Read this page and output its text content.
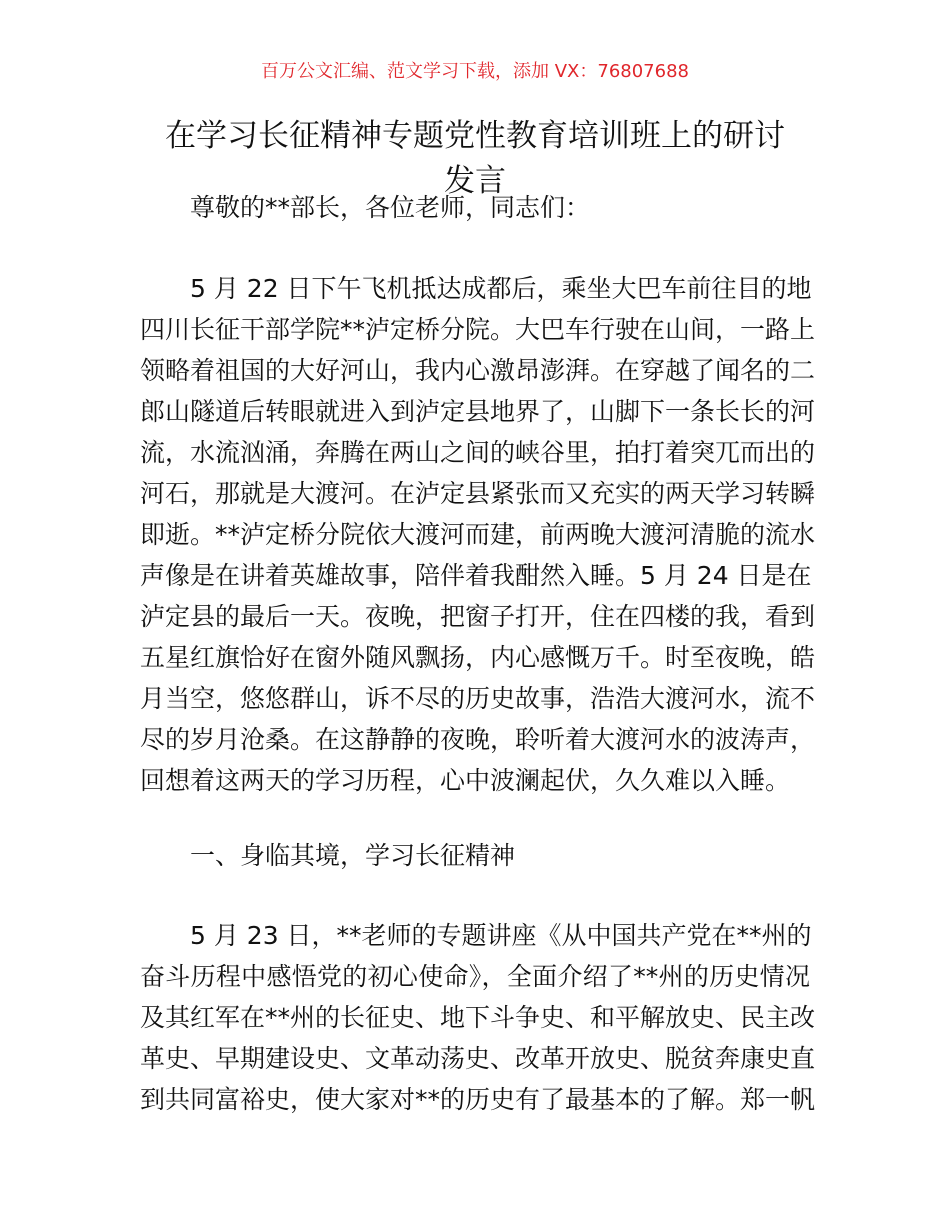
百万公文汇编、范文学习下载，添加 VX：76807688
在学习长征精神专题党性教育培训班上的研讨
发言
尊敬的**部长，各位老师，同志们：
5 月 22 日下午飞机抵达成都后，乘坐大巴车前往目的地
四川长征干部学院**泸定桥分院。大巴车行驶在山间，一路上
领略着祖国的大好河山，我内心激昂澎湃。在穿越了闻名的二
郎山隧道后转眼就进入到泸定县地界了，山脚下一条长长的河
流，水流汹涌，奔腾在两山之间的峡谷里，拍打着突兀而出的
河石，那就是大渡河。在泸定县紧张而又充实的两天学习转瞬
即逝。**泸定桥分院依大渡河而建，前两晚大渡河清脆的流水
声像是在讲着英雄故事，陪伴着我酣然入睡。5 月 24 日是在
泸定县的最后一天。夜晚，把窗子打开，住在四楼的我，看到
五星红旗恰好在窗外随风飘扬，内心感慨万千。时至夜晚，皓
月当空，悠悠群山，诉不尽的历史故事，浩浩大渡河水，流不
尽的岁月沧桑。在这静静的夜晚，聆听着大渡河水的波涛声，
回想着这两天的学习历程，心中波澜起伏，久久难以入睡。
一、身临其境，学习长征精神
5 月 23 日，**老师的专题讲座《从中国共产党在**州的
奋斗历程中感悟党的初心使命》，全面介绍了**州的历史情况
及其红军在**州的长征史、地下斗争史、和平解放史、民主改
革史、早期建设史、文革动荡史、改革开放史、脱贫奔康史直
到共同富裕史，使大家对**的历史有了最基本的了解。郑一帆
